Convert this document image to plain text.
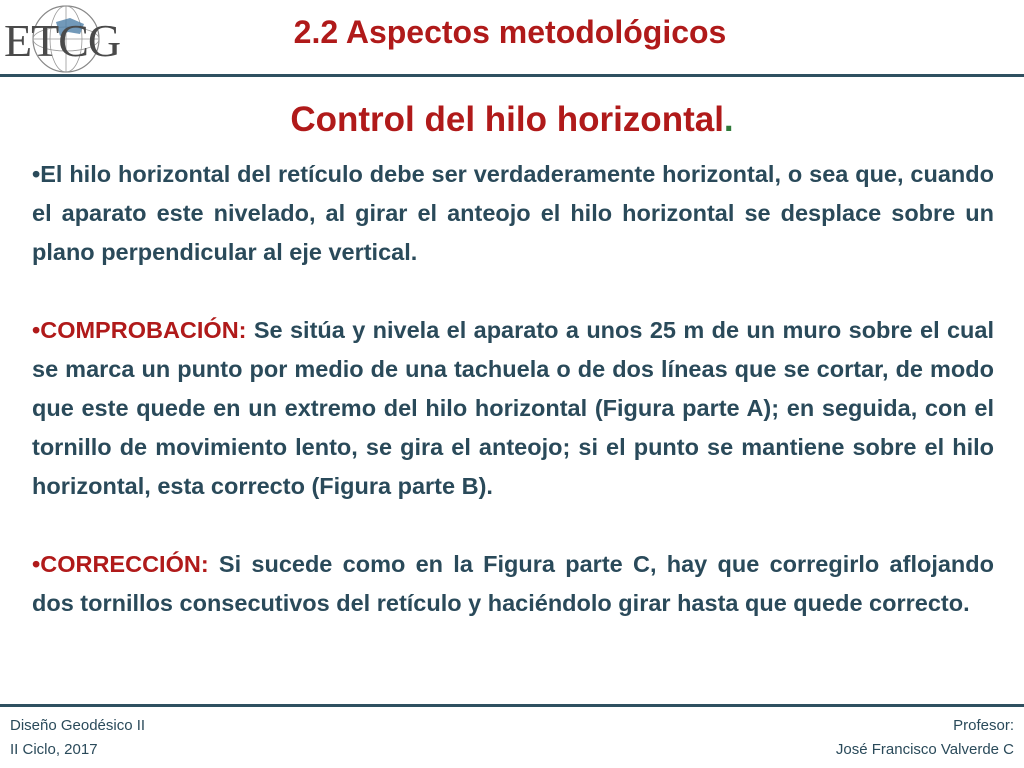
ETCG	2.2 Aspectos metodológicos
Control del hilo horizontal.

•El hilo horizontal del retículo debe ser verdaderamente horizontal, o sea que, cuando el aparato este nivelado, al girar el anteojo el hilo horizontal se desplace sobre un plano perpendicular al eje vertical.

•COMPROBACIÓN: Se sitúa y nivela el aparato a unos 25 m de un muro sobre el cual se marca un punto por medio de una tachuela o de dos líneas que se cortar, de modo que este quede en un extremo del hilo horizontal (Figura parte A); en seguida, con el tornillo de movimiento lento, se gira el anteojo; si el punto se mantiene sobre el hilo horizontal, esta correcto (Figura parte B).

•CORRECCIÓN: Si sucede como en la Figura parte C, hay que corregirlo aflojando dos tornillos consecutivos del retículo y haciéndolo girar hasta que quede correcto.

Diseño Geodésico II
II Ciclo, 2017
Profesor:
José Francisco Valverde C
